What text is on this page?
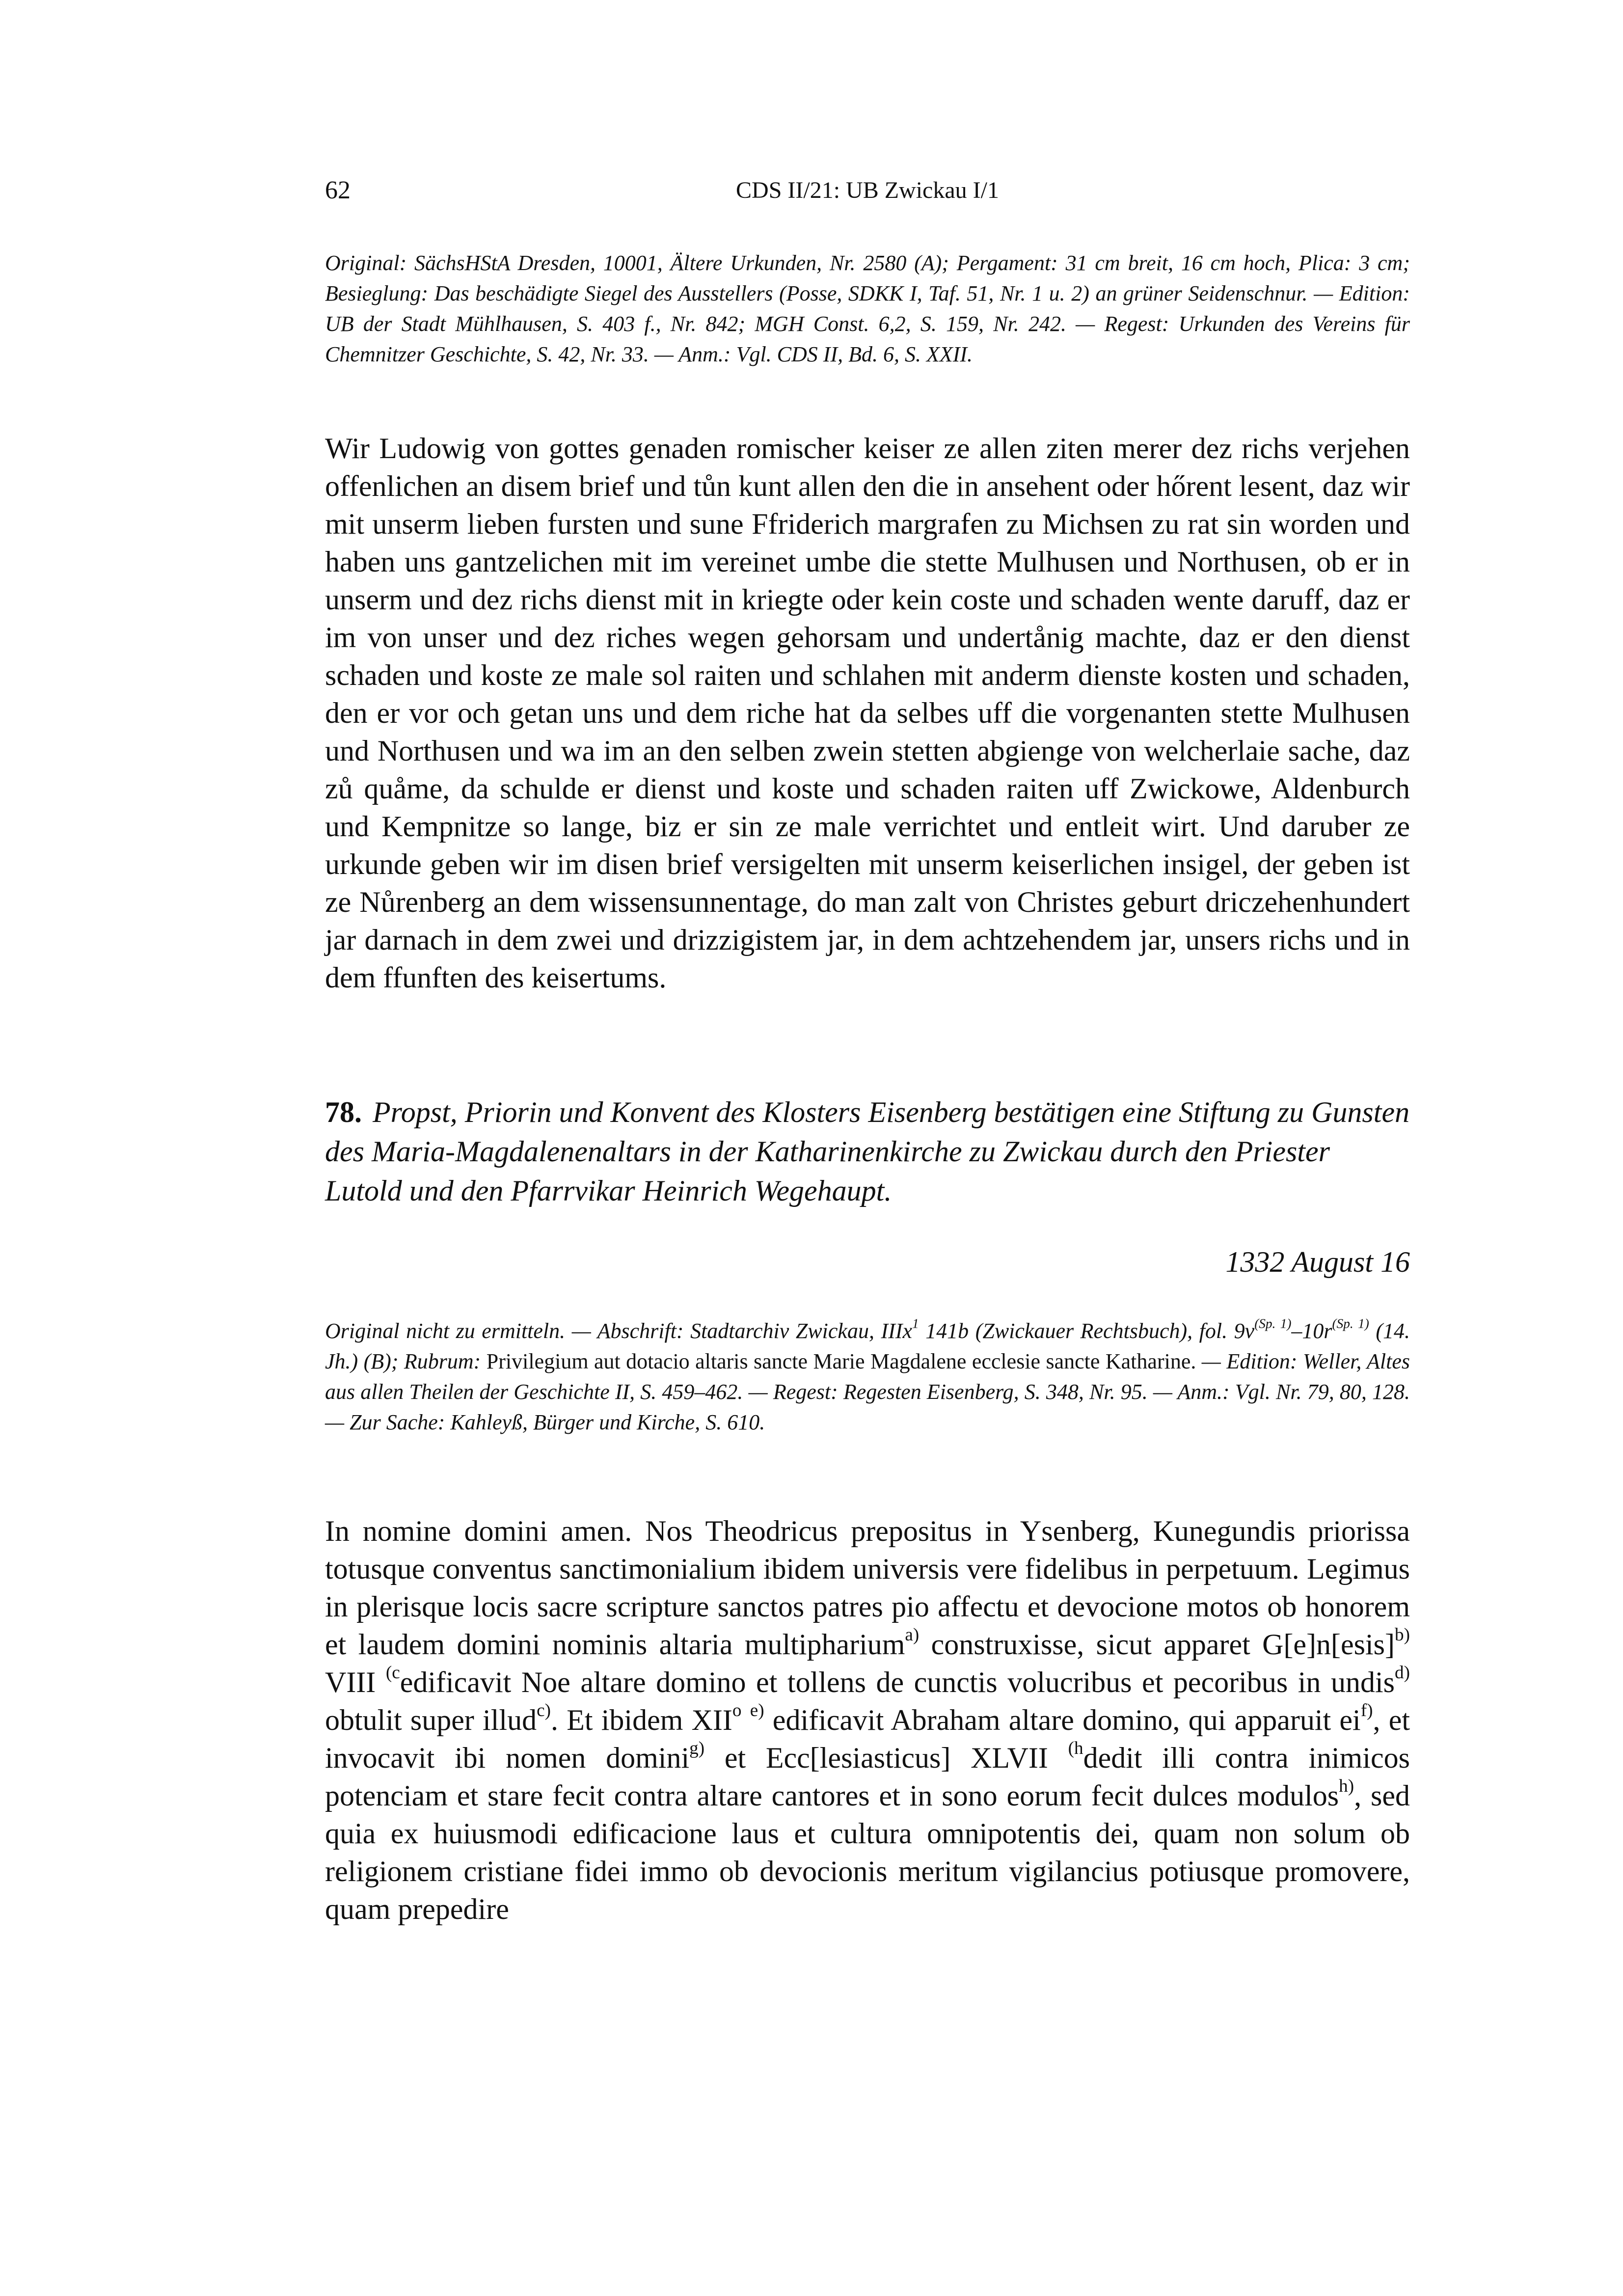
62	CDS II/21: UB Zwickau I/1

Original: SächsHStA Dresden, 10001, Ältere Urkunden, Nr. 2580 (A); Pergament: 31 cm breit, 16 cm hoch, Plica: 3 cm; Besieglung: Das beschädigte Siegel des Ausstellers (Posse, SDKK I, Taf. 51, Nr. 1 u. 2) an grüner Seidenschnur. — Edition: UB der Stadt Mühlhausen, S. 403 f., Nr. 842; MGH Const. 6,2, S. 159, Nr. 242. — Regest: Urkunden des Vereins für Chemnitzer Geschichte, S. 42, Nr. 33. — Anm.: Vgl. CDS II, Bd. 6, S. XXII.

Wir Ludowig von gottes genaden romischer keiser ze allen ziten merer dez richs verjehen offenlichen an disem brief und tůn kunt allen den die in ansehent oder hőrent lesent, daz wir mit unserm lieben fursten und sune Ffriderich margrafen zu Michsen zu rat sin worden und haben uns gantzelichen mit im vereinet umbe die stette Mulhusen und Northusen, ob er in unserm und dez richs dienst mit in kriegte oder kein coste und schaden wente daruff, daz er im von unser und dez riches wegen gehorsam und undertånig machte, daz er den dienst schaden und koste ze male sol raiten und schlahen mit anderm dienste kosten und schaden, den er vor och getan uns und dem riche hat da selbes uff die vorgenanten stette Mulhusen und Northusen und wa im an den selben zwein stetten abgienge von welcherlaie sache, daz zů quåme, da schulde er dienst und koste und schaden raiten uff Zwickowe, Aldenburch und Kempnitze so lange, biz er sin ze male verrichtet und entleit wirt. Und daruber ze urkunde geben wir im disen brief versigelten mit unserm keiserlichen insigel, der geben ist ze Nůrenberg an dem wissensunnentage, do man zalt von Christes geburt driczehenhundert jar darnach in dem zwei und drizzigistem jar, in dem achtzehendem jar, unsers richs und in dem ffunften des keisertums.

78. Propst, Priorin und Konvent des Klosters Eisenberg bestätigen eine Stiftung zu Gunsten des Maria-Magdalenenaltars in der Katharinenkirche zu Zwickau durch den Priester Lutold und den Pfarrvikar Heinrich Wegehaupt.
1332 August 16

Original nicht zu ermitteln. — Abschrift: Stadtarchiv Zwickau, IIIx$^1$ 141b (Zwickauer Rechtsbuch), fol. $9v^{(Sp. 1)}-10r^{(Sp. 1)}$ (14. Jh.) (B); Rubrum: Privilegium aut dotacio altaris sancte Marie Magdalene ecclesie sancte Katharine. — Edition: Weller, Altes aus allen Theilen der Geschichte II, S. 459–462. — Regest: Regesten Eisenberg, S. 348, Nr. 95. — Anm.: Vgl. Nr. 79, 80, 128. — Zur Sache: Kahleyß, Bürger und Kirche, S. 610.

In nomine domini amen. Nos Theodricus prepositus in Ysenberg, Kunegundis priorissa totusque conventus sanctimonialium ibidem universis vere fidelibus in perpetuum. Legimus in plerisque locis sacre scripture sanctos patres pio affectu et devocione motos ob honorem et laudem domini nominis altaria multipharium$^{a)}$ construxisse, sicut apparet G[e]n[esis]$^{b)}$ VIII $^{(c}$edificavit Noe altare domino et tollens de cunctis volucribus et pecoribus in undis$^{d)}$ obtulit super illud$^{c)}$. Et ibidem XII$^o$ $^{e)}$ edificavit Abraham altare domino, qui apparuit $ei^{f)}$, et invocavit ibi nomen domini$^{g)}$ et Ecc[lesiasticus] XLVII $^{(h}$dedit illi contra inimicos potenciam et stare fecit contra altare cantores et in sono eorum fecit dulces modulos$^{h)}$, sed quia ex huiusmodi edificacione laus et cultura omnipotentis dei, quam non solum ob religionem cristiane fidei immo ob devocionis meritum vigilancius potiusque promovere, quam prepedire
